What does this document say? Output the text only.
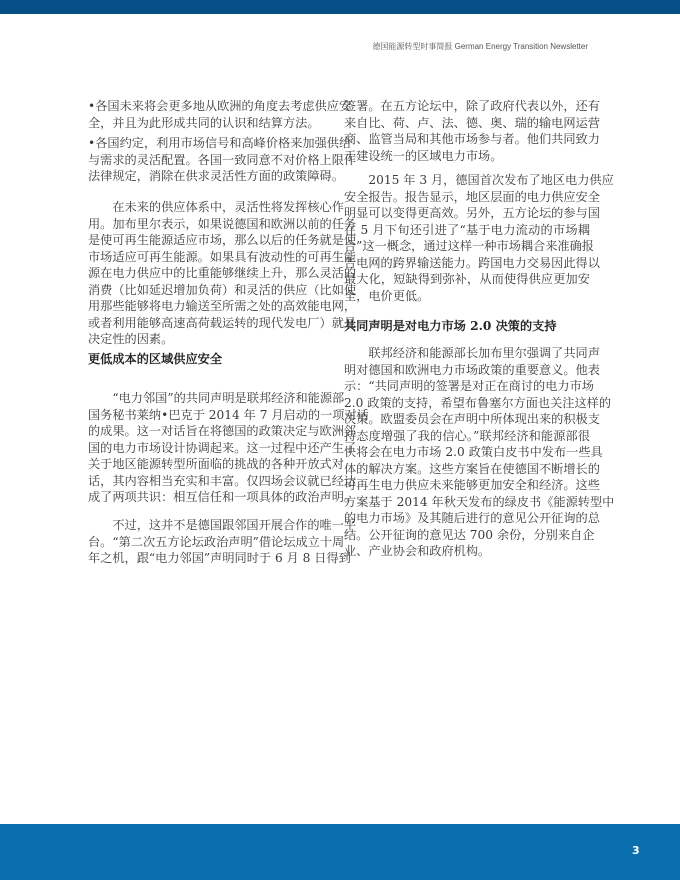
德国能源转型时事简报 German Energy Transition Newsletter
•各国未来将会更多地从欧洲的角度去考虑供应安
全，并且为此形成共同的认识和结算方法。
•各国约定，利用市场信号和高峰价格来加强供给
与需求的灵活配置。各国一致同意不对价格上限作
法律规定，消除在供求灵活性方面的政策障碍。
　　在未来的供应体系中，灵活性将发挥核心作
用。加布里尔表示，如果说德国和欧洲以前的任务
是使可再生能源适应市场，那么以后的任务就是使
市场适应可再生能源。如果具有波动性的可再生能
源在电力供应中的比重能够继续上升，那么灵活的
消费（比如延迟增加负荷）和灵活的供应（比如使
用那些能够将电力输送至所需之处的高效能电网，
或者利用能够高速高荷载运转的现代发电厂）就是
决定性的因素。
更低成本的区域供应安全
　　“电力邻国”的共同声明是联邦经济和能源部
国务秘书莱纳•巴克于 2014 年 7 月启动的一项对话
的成果。这一对话旨在将德国的政策决定与欧洲邻
国的电力市场设计协调起来。这一过程中还产生了
关于地区能源转型所面临的挑战的各种开放式对
话，其内容相当充实和丰富。仅四场会议就已经达
成了两项共识：相互信任和一项具体的政治声明。
　　不过，这并不是德国跟邻国开展合作的唯一平
台。“第二次五方论坛政治声明”借论坛成立十周
年之机，跟“电力邻国”声明同时于 6 月 8 日得到
签署。在五方论坛中，除了政府代表以外，还有
来自比、荷、卢、法、德、奥、瑞的输电网运营
商、监管当局和其他市场参与者。他们共同致力
于建设统一的区域电力市场。
　　2015 年 3 月，德国首次发布了地区电力供应
安全报告。报告显示，地区层面的电力供应安全
明显可以变得更高效。另外，五方论坛的参与国
在 5 月下旬还引进了“基于电力流动的市场耦
合”这一概念，通过这样一种市场耦合来准确报
告电网的跨界输送能力。跨国电力交易因此得以
最大化，短缺得到弥补，从而使得供应更加安
全，电价更低。
共同声明是对电力市场 2.0 决策的支持
　　联邦经济和能源部长加布里尔强调了共同声
明对德国和欧洲电力市场政策的重要意义。他表
示：“共同声明的签署是对正在商讨的电力市场
2.0 政策的支持，希望布鲁塞尔方面也关注这样的
决策。欧盟委员会在声明中所体现出来的积极支
持态度增强了我的信心。”联邦经济和能源部很
快将会在电力市场 2.0 政策白皮书中发布一些具
体的解决方案。这些方案旨在使德国不断增长的
可再生电力供应未来能够更加安全和经济。这些
方案基于 2014 年秋天发布的绿皮书《能源转型中
的电力市场》及其随后进行的意见公开征询的总
结。公开征询的意见达 700 余份，分别来自企
业、产业协会和政府机构。
3
